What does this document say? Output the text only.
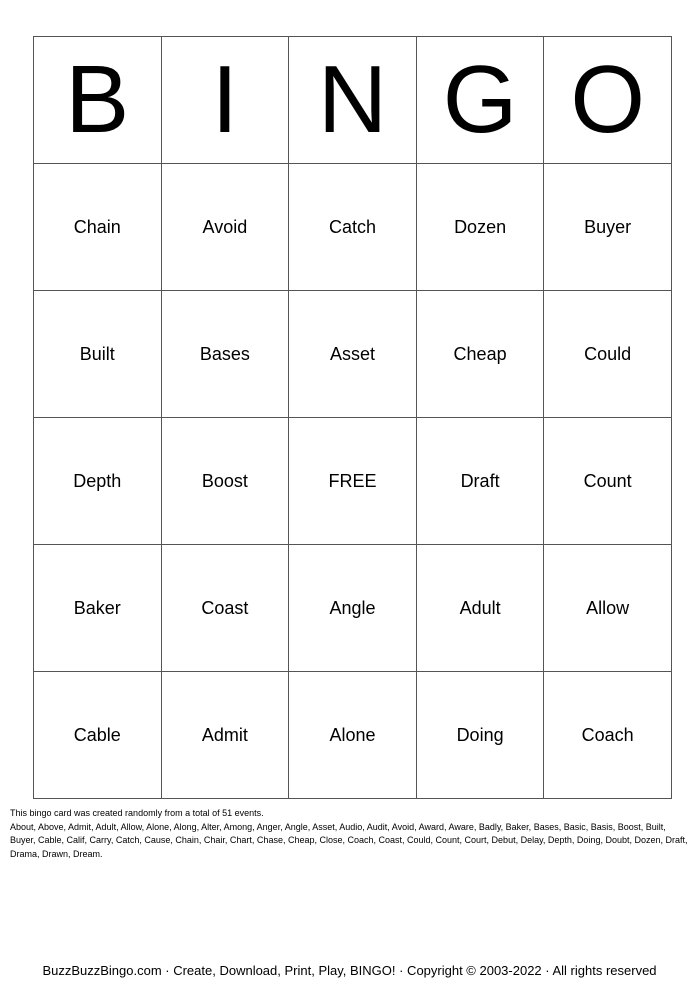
B	I	N	G	O
Chain	Avoid	Catch	Dozen	Buyer
Built	Bases	Asset	Cheap	Could
Depth	Boost	FREE	Draft	Count
Baker	Coast	Angle	Adult	Allow
Cable	Admit	Alone	Doing	Coach

This bingo card was created randomly from a total of 51 events.

About, Above, Admit, Adult, Allow, Alone, Along, Alter, Among, Anger, Angle, Asset, Audio, Audit, Avoid, Award, Aware, Badly, Baker, Bases, Basic, Basis, Boost, Built, Buyer, Cable, Calif, Carry, Catch, Cause, Chain, Chair, Chart, Chase, Cheap, Close, Coach, Coast, Could, Count, Court, Debut, Delay, Depth, Doing, Doubt, Dozen, Draft, Drama, Drawn, Dream.

BuzzBuzzBingo.com · Create, Download, Print, Play, BINGO! · Copyright © 2003-2022 · All rights reserved
